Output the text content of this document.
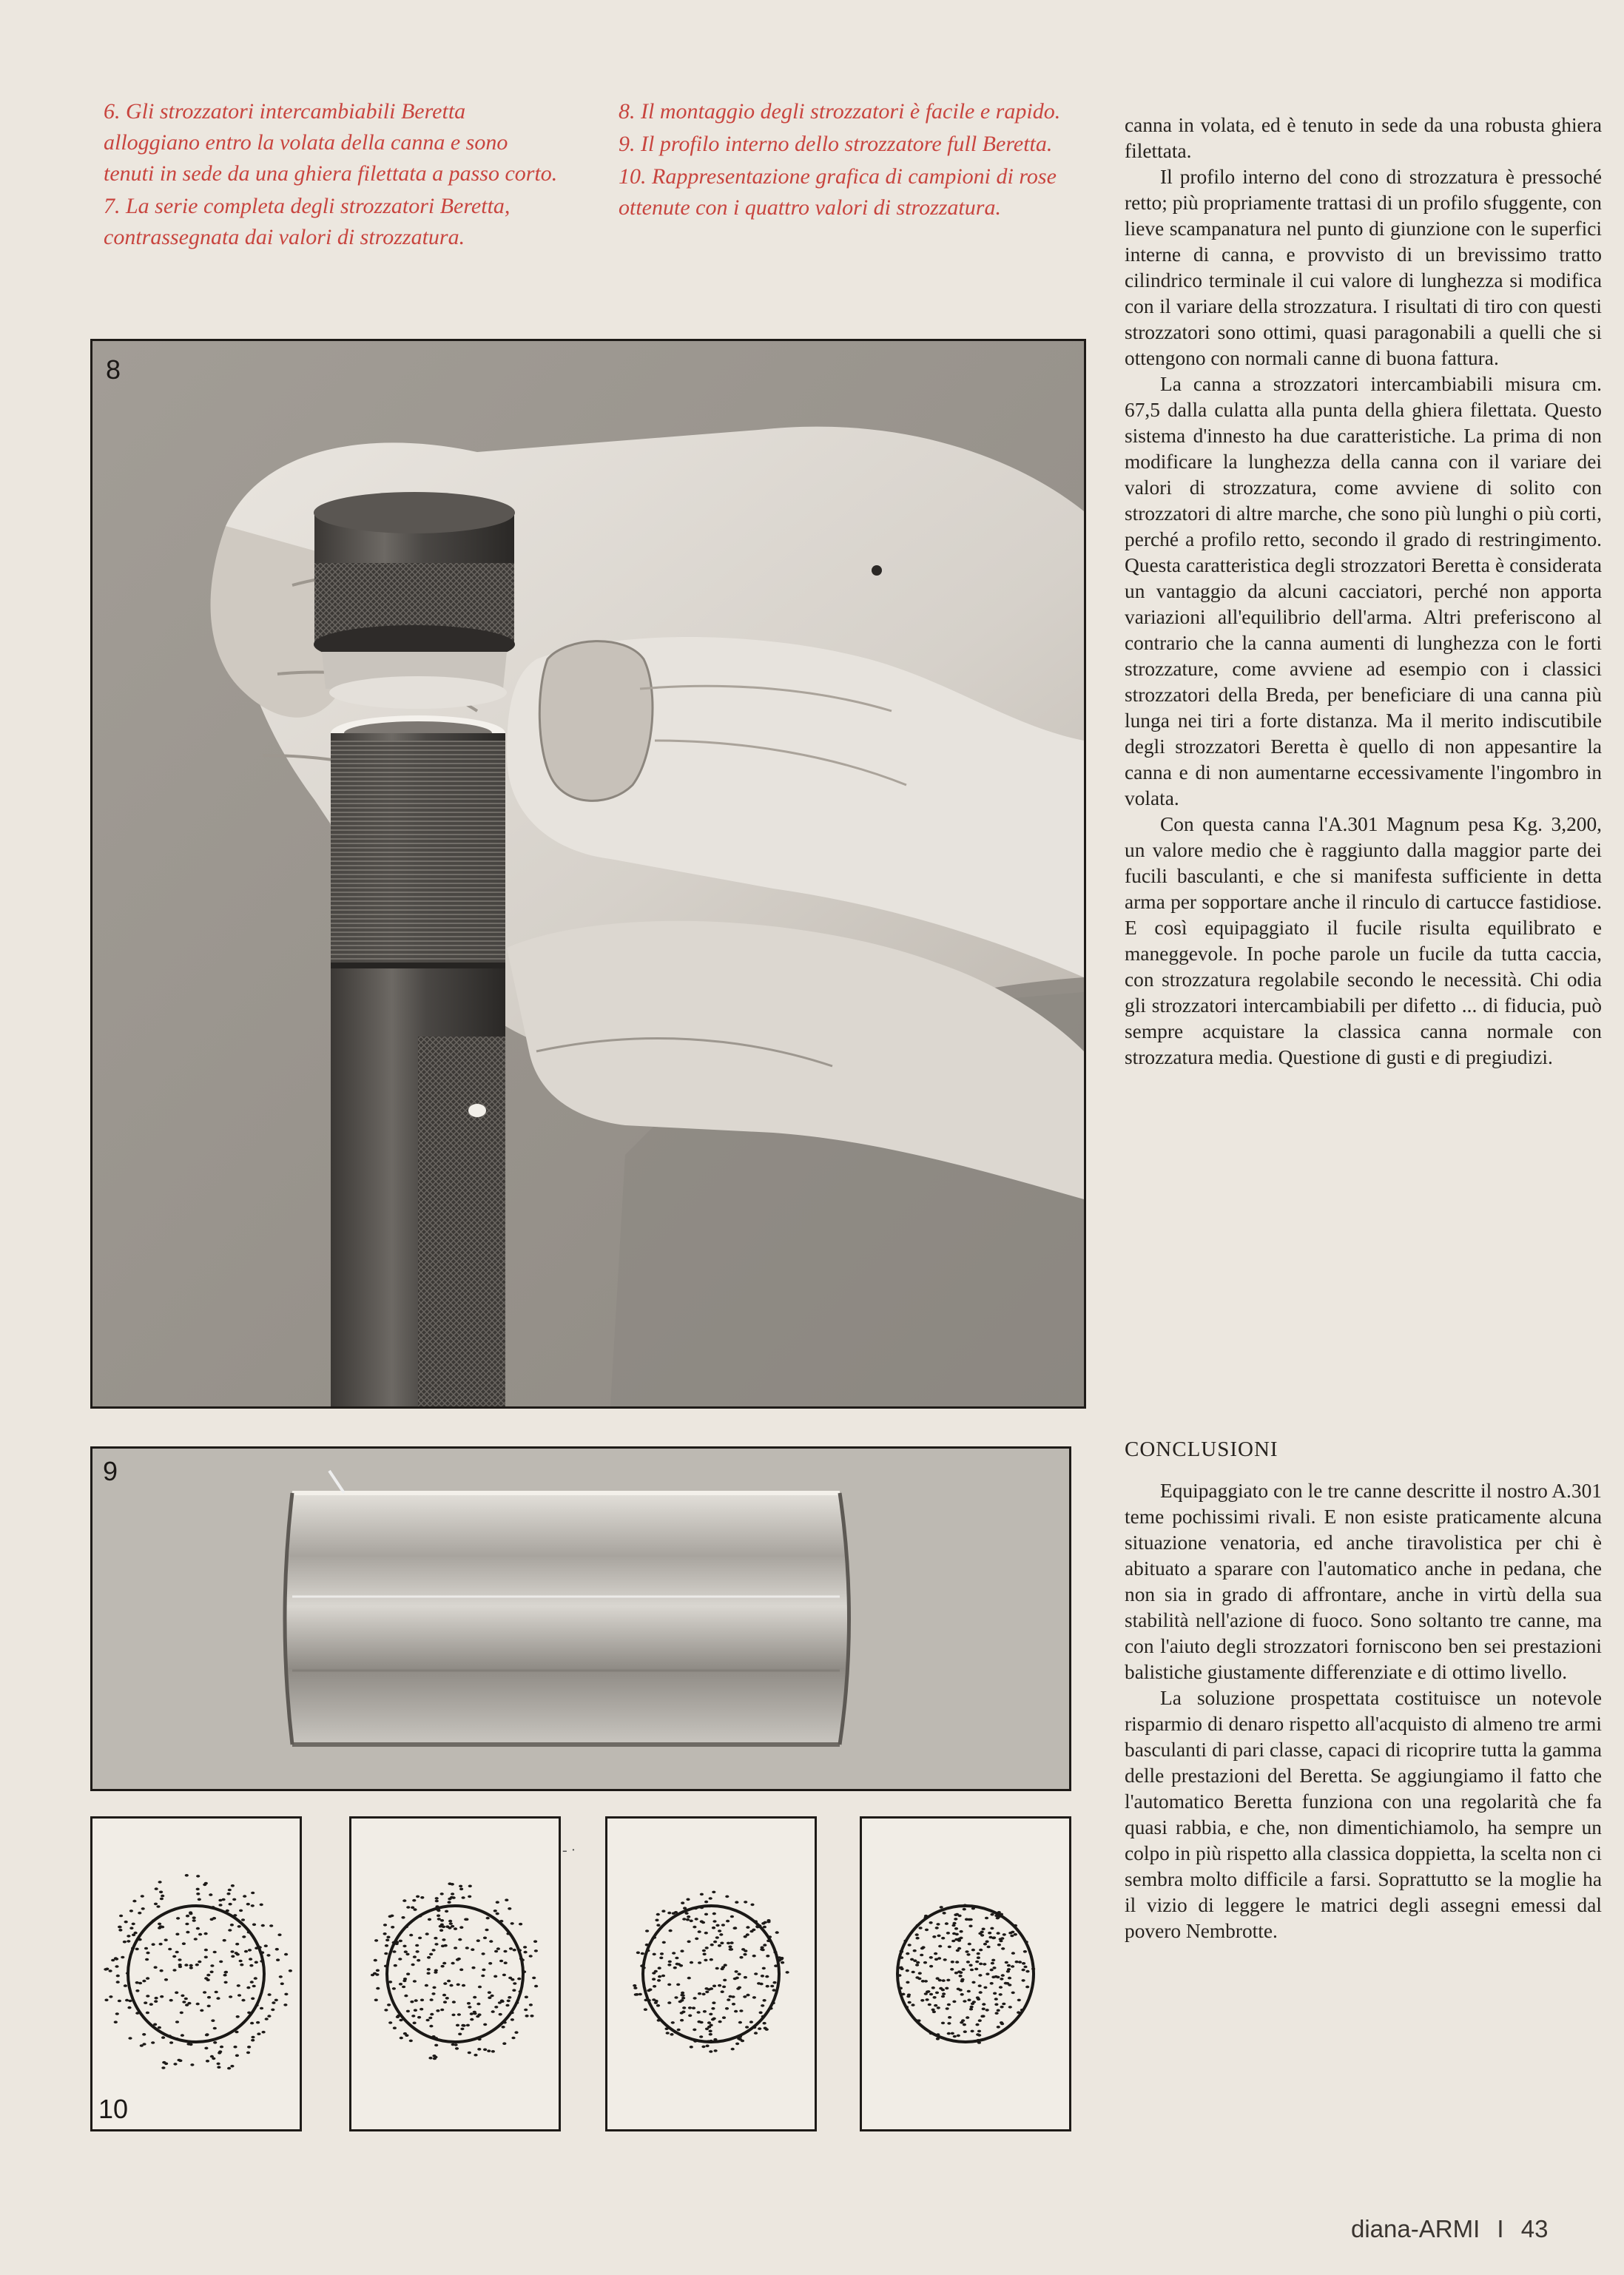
6. Gli strozzatori intercambiabili Beretta alloggiano entro la volata della canna e sono tenuti in sede da una ghiera filettata a passo corto.

7. La serie completa degli strozzatori Beretta, contrassegnata dai valori di strozzatura.

8. Il montaggio degli strozzatori è facile e rapido.

9. Il profilo interno dello strozzatore full Beretta.

10. Rappresentazione grafica di campioni di rose ottenute con i quattro valori di strozzatura.

8
9
10
- ·

canna in volata, ed è tenuto in sede da una robusta ghiera filettata.

Il profilo interno del cono di strozzatura è pressoché retto; più propriamente trattasi di un profilo sfuggente, con lieve scampanatura nel punto di giunzione con le superfici interne di canna, e provvisto di un brevissimo tratto cilindrico terminale il cui valore di lunghezza si modifica con il variare della strozzatura. I risultati di tiro con questi strozzatori sono ottimi, quasi paragonabili a quelli che si ottengono con normali canne di buona fattura.

La canna a strozzatori intercambiabili misura cm. 67,5 dalla culatta alla punta della ghiera filettata. Questo sistema d'innesto ha due caratteristiche. La prima di non modificare la lunghezza della canna con il variare dei valori di strozzatura, come avviene di solito con strozzatori di altre marche, che sono più lunghi o più corti, perché a profilo retto, secondo il grado di restringimento. Questa caratteristica degli strozzatori Beretta è considerata un vantaggio da alcuni cacciatori, perché non apporta variazioni all'equilibrio dell'arma. Altri preferiscono al contrario che la canna aumenti di lunghezza con le forti strozzature, come avviene ad esempio con i classici strozzatori della Breda, per beneficiare di una canna più lunga nei tiri a forte distanza. Ma il merito indiscutibile degli strozzatori Beretta è quello di non appesantire la canna e di non aumentarne eccessivamente l'ingombro in volata.

Con questa canna l'A.301 Magnum pesa Kg. 3,200, un valore medio che è raggiunto dalla maggior parte dei fucili basculanti, e che si manifesta sufficiente in detta arma per sopportare anche il rinculo di cartucce fastidiose. E così equipaggiato il fucile risulta equilibrato e maneggevole. In poche parole un fucile da tutta caccia, con strozzatura regolabile secondo le necessità. Chi odia gli strozzatori intercambiabili per difetto ... di fiducia, può sempre acquistare la classica canna normale con strozzatura media. Questione di gusti e di pregiudizi.

CONCLUSIONI

Equipaggiato con le tre canne descritte il nostro A.301 teme pochissimi rivali. E non esiste praticamente alcuna situazione venatoria, ed anche tiravolistica per chi è abituato a sparare con l'automatico anche in pedana, che non sia in grado di affrontare, anche in virtù della sua stabilità nell'azione di fuoco. Sono soltanto tre canne, ma con l'aiuto degli strozzatori forniscono ben sei prestazioni balistiche giustamente differenziate e di ottimo livello.

La soluzione prospettata costituisce un notevole risparmio di denaro rispetto all'acquisto di almeno tre armi basculanti di pari classe, capaci di ricoprire tutta la gamma delle prestazioni del Beretta. Se aggiungiamo il fatto che l'automatico Beretta funziona con una regolarità che fa quasi rabbia, e che, non dimentichiamolo, ha sempre un colpo in più rispetto alla classica doppietta, la scelta non ci sembra molto difficile a farsi. Soprattutto se la moglie ha il vizio di leggere le matrici degli assegni emessi dal povero Nembrotte.

diana-ARMI I 43
